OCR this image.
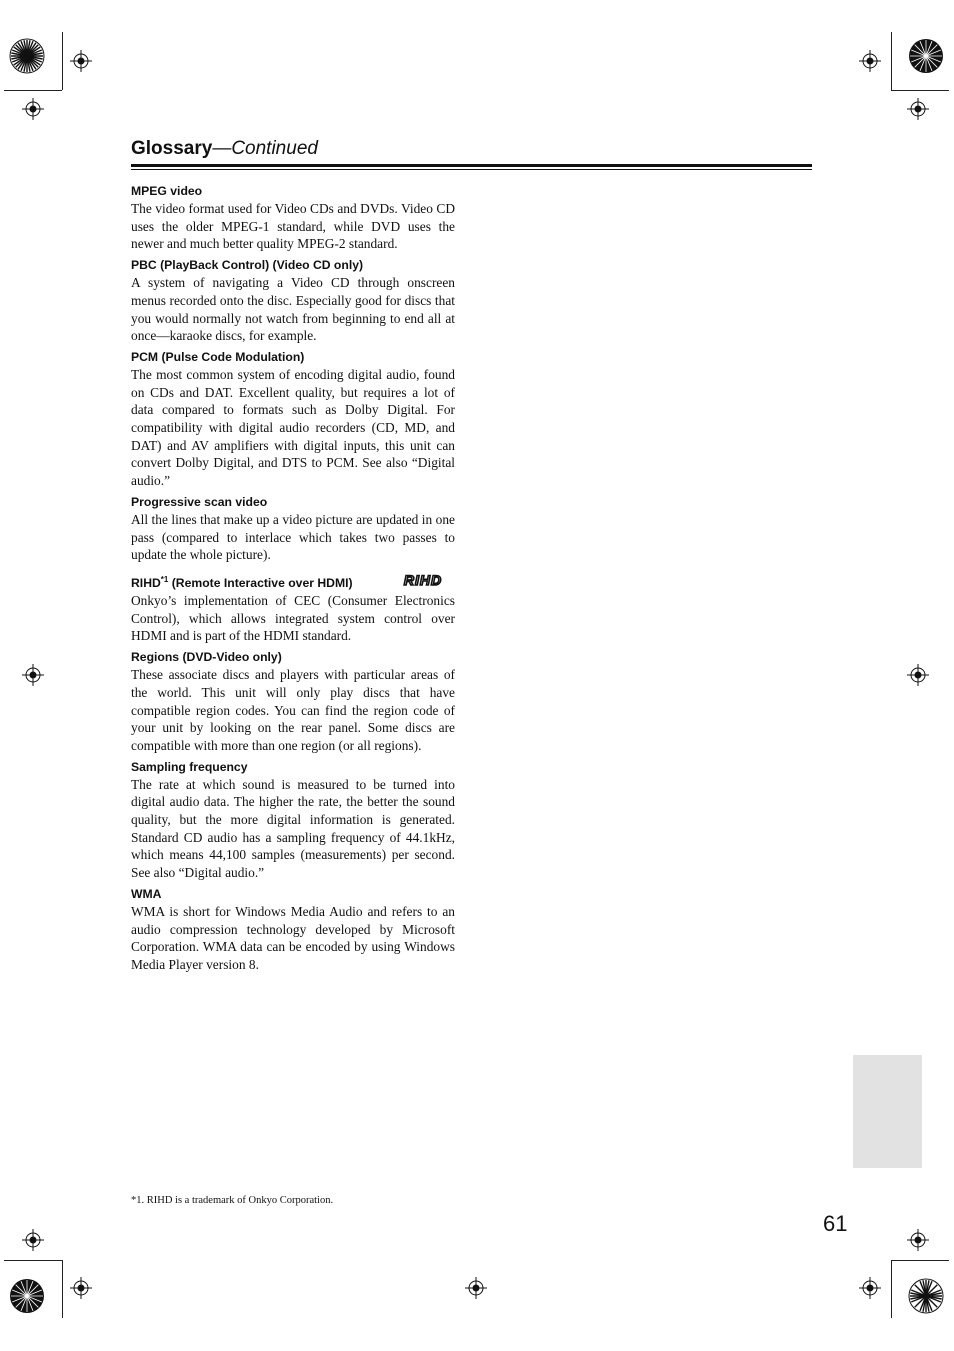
Glossary—Continued

MPEG video

The video format used for Video CDs and DVDs. Video CD uses the older MPEG-1 standard, while DVD uses the newer and much better quality MPEG-2 standard.

PBC (PlayBack Control) (Video CD only)

A system of navigating a Video CD through onscreen menus recorded onto the disc. Especially good for discs that you would normally not watch from beginning to end all at once—karaoke discs, for example.

PCM (Pulse Code Modulation)

The most common system of encoding digital audio, found on CDs and DAT. Excellent quality, but requires a lot of data compared to formats such as Dolby Digital. For compatibility with digital audio recorders (CD, MD, and DAT) and AV amplifiers with digital inputs, this unit can convert Dolby Digital, and DTS to PCM. See also “Digital audio.”

Progressive scan video

All the lines that make up a video picture are updated in one pass (compared to interlace which takes two passes to update the whole picture).

RIHD$^{*1}$ (Remote Interactive over HDMI)	RIHD

Onkyo’s implementation of CEC (Consumer Electronics Control), which allows integrated system control over HDMI and is part of the HDMI standard.

Regions (DVD-Video only)

These associate discs and players with particular areas of the world. This unit will only play discs that have compatible region codes. You can find the region code of your unit by looking on the rear panel. Some discs are compatible with more than one region (or all regions).

Sampling frequency

The rate at which sound is measured to be turned into digital audio data. The higher the rate, the better the sound quality, but the more digital information is generated. Standard CD audio has a sampling frequency of 44.1kHz, which means 44,100 samples (measurements) per second. See also “Digital audio.”

WMA

WMA is short for Windows Media Audio and refers to an audio compression technology developed by Microsoft Corporation. WMA data can be encoded by using Windows Media Player version 8.

*1. RIHD is a trademark of Onkyo Corporation.
61
